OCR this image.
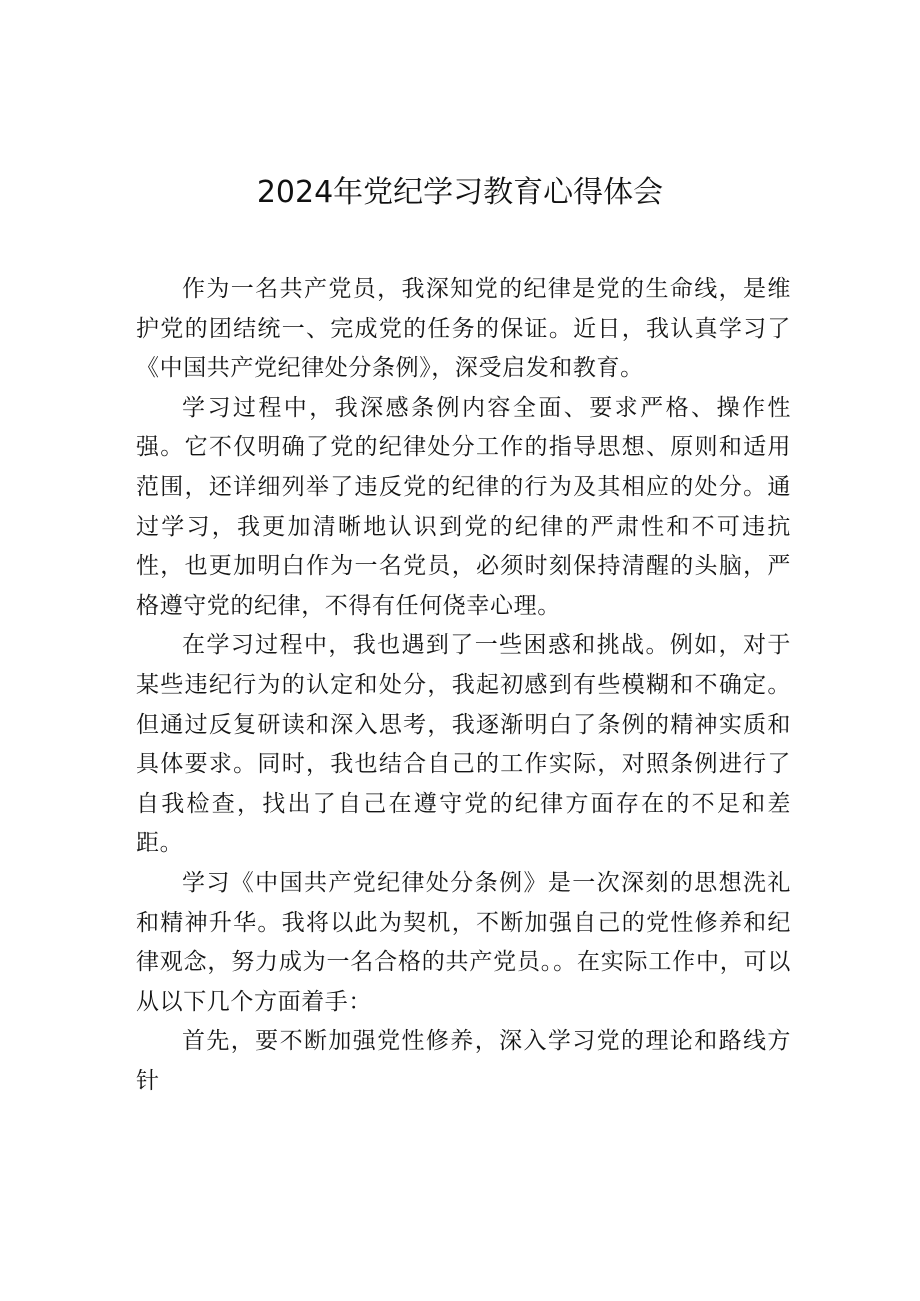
2024年党纪学习教育心得体会

作为一名共产党员，我深知党的纪律是党的生命线，是维护党的团结统一、完成党的任务的保证。近日，我认真学习了《中国共产党纪律处分条例》，深受启发和教育。

学习过程中，我深感条例内容全面、要求严格、操作性强。它不仅明确了党的纪律处分工作的指导思想、原则和适用范围，还详细列举了违反党的纪律的行为及其相应的处分。通过学习，我更加清晰地认识到党的纪律的严肃性和不可违抗性，也更加明白作为一名党员，必须时刻保持清醒的头脑，严格遵守党的纪律，不得有任何侥幸心理。

在学习过程中，我也遇到了一些困惑和挑战。例如，对于某些违纪行为的认定和处分，我起初感到有些模糊和不确定。但通过反复研读和深入思考，我逐渐明白了条例的精神实质和具体要求。同时，我也结合自己的工作实际，对照条例进行了自我检查，找出了自己在遵守党的纪律方面存在的不足和差距。

学习《中国共产党纪律处分条例》是一次深刻的思想洗礼和精神升华。我将以此为契机，不断加强自己的党性修养和纪律观念，努力成为一名合格的共产党员。。在实际工作中，可以从以下几个方面着手：

首先，要不断加强党性修养，深入学习党的理论和路线方针
